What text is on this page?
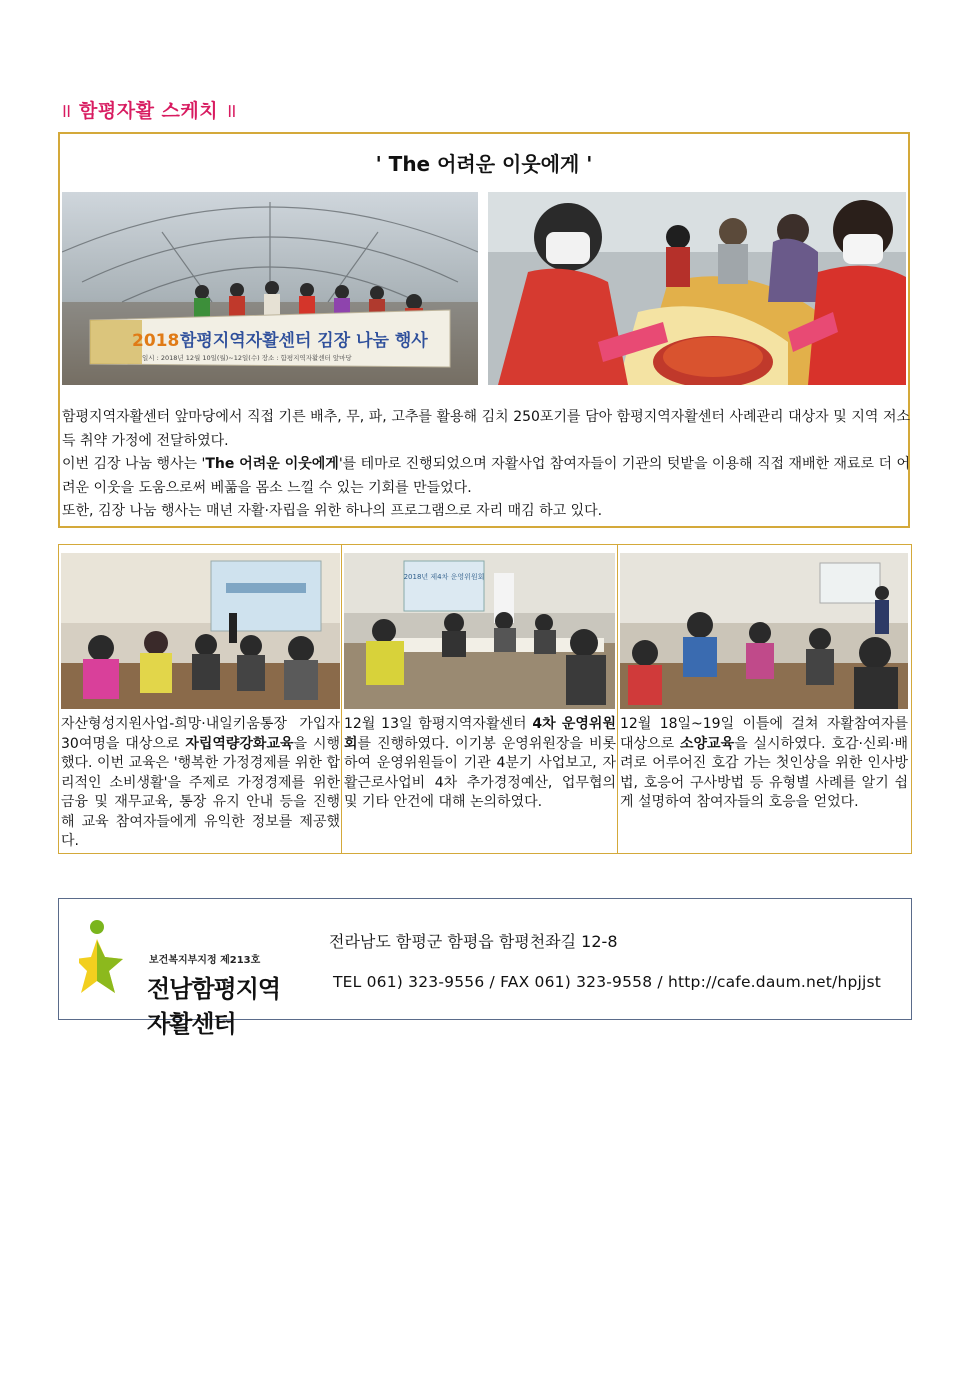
॥ 함평자활 스케치 ॥
' The 어려운 이웃에게 '
2018 함평지역자활센터 김장 나눔 행사
일시 : 2018년 12월 10일(월)~12일(수) 장소 : 함평지역자활센터 앞마당

함평지역자활센터 앞마당에서 직접 기른 배추, 무, 파, 고추를 활용해 김치 250포기를 담아 함평지역자활센터 사례관리 대상자 및 지역 저소득 취약 가정에 전달하였다.

이번 김장 나눔 행사는 'The 어려운 이웃에게'를 테마로 진행되었으며 자활사업 참여자들이 기관의 텃밭을 이용해 직접 재배한 재료로 더 어려운 이웃을 도움으로써 베풂을 몸소 느낄 수 있는 기회를 만들었다.

또한, 김장 나눔 행사는 매년 자활·자립을 위한 하나의 프로그램으로 자리 매김 하고 있다.

자산형성지원사업-희망·내일키움통장 가입자 30여명을 대상으로 자립역량강화교육을 시행했다. 이번 교육은 '행복한 가정경제를 위한 합리적인 소비생활'을 주제로 가정경제를 위한 금융 및 재무교육, 통장 유지 안내 등을 진행해 교육 참여자들에게 유익한 정보를 제공했다.
2018년 제4차 운영위원회
12월 13일 함평지역자활센터 4차 운영위원회를 진행하였다. 이기봉 운영위원장을 비롯하여 운영위원들이 기관 4분기 사업보고, 자활근로사업비 4차 추가경정예산, 업무협의 및 기타 안건에 대해 논의하였다.
12월 18일~19일 이틀에 걸쳐 자활참여자를 대상으로 소양교육을 실시하였다. 호감·신뢰·배려로 어루어진 호감 가는 첫인상을 위한 인사방법, 호응어 구사방법 등 유형별 사례를 알기 쉽게 설명하여 참여자들의 호응을 얻었다.
보건복지부지정 제213호
전남함평지역자활센터
전라남도 함평군 함평읍 함평천좌길 12-8
TEL 061) 323-9556 / FAX 061) 323-9558 / http://cafe.daum.net/hpjjst
